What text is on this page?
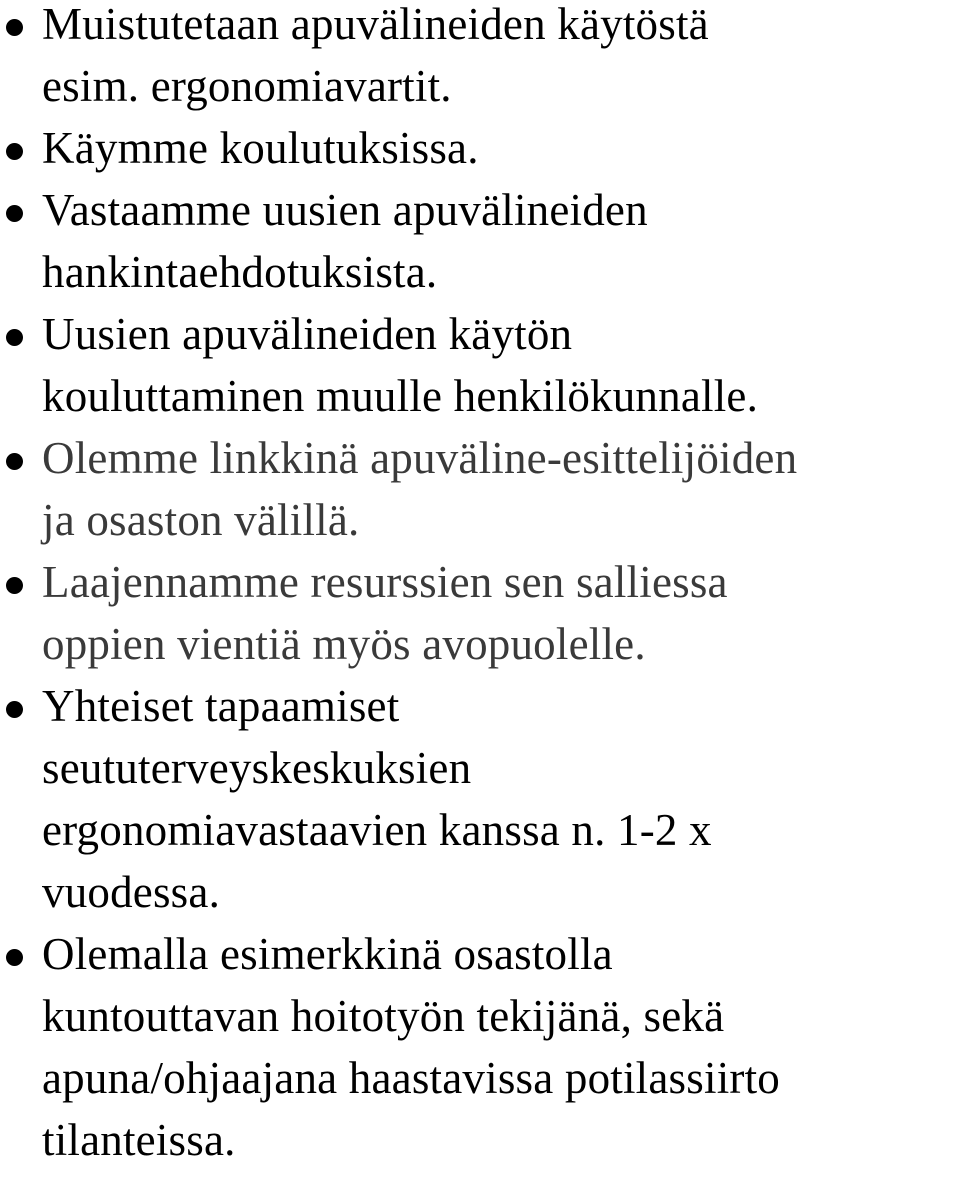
Muistutetaan apuvälineiden käytöstä
esim. ergonomiavartit.
Käymme koulutuksissa.
Vastaamme uusien apuvälineiden
hankintaehdotuksista.
Uusien apuvälineiden käytön
kouluttaminen muulle henkilökunnalle.
Olemme linkkinä apuväline-esittelijöiden
ja osaston välillä.
Laajennamme resurssien sen salliessa
oppien vientiä myös avopuolelle.
Yhteiset tapaamiset
seututerveyskeskuksien
ergonomiavastaavien kanssa n. 1-2 x
vuodessa.
Olemalla esimerkkinä osastolla
kuntouttavan hoitotyön tekijänä, sekä
apuna/ohjaajana haastavissa potilassiirto
tilanteissa.
